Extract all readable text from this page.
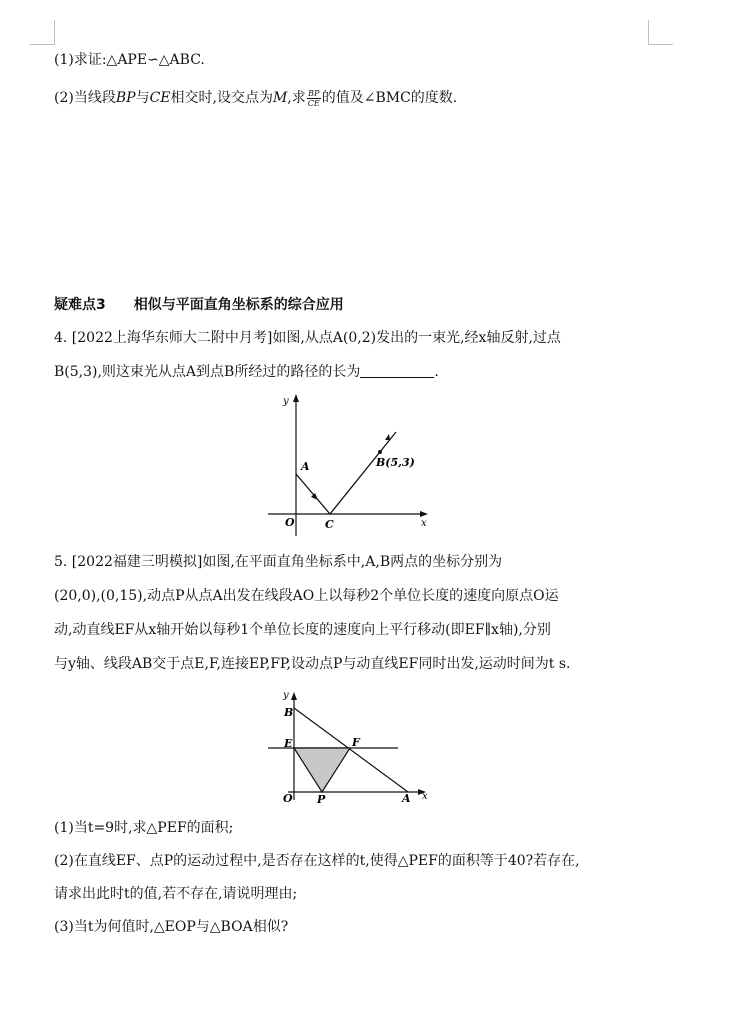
(1)求证:△APE∽△ABC.
(2)当线段BP与CE相交时,设交点为M,求 $\frac{BP}{CE}$ 的值及∠BMC的度数.
疑难点3 相似与平面直角坐标系的综合应用
4. [2022上海华东师大二附中月考]如图,从点A(0,2)发出的一束光,经x轴反射,过点
B(5,3),则这束光从点A到点B所经过的路径的长为	.
y
x
O
A
C
B(5,3)
5. [2022福建三明模拟]如图,在平面直角坐标系中,A,B两点的坐标分别为
(20,0),(0,15),动点P从点A出发在线段AO上以每秒2个单位长度的速度向原点O运
动,动直线EF从x轴开始以每秒1个单位长度的速度向上平行移动(即EF∥x轴),分别
与y轴、线段AB交于点E,F,连接EP,FP,设动点P与动直线EF同时出发,运动时间为t s.
y
x
B
E	F
O P	A
(1)当t=9时,求△PEF的面积;
(2)在直线EF、点P的运动过程中,是否存在这样的t,使得△PEF的面积等于40?若存在,
请求出此时t的值,若不存在,请说明理由;
(3)当t为何值时,△EOP与△BOA相似?
